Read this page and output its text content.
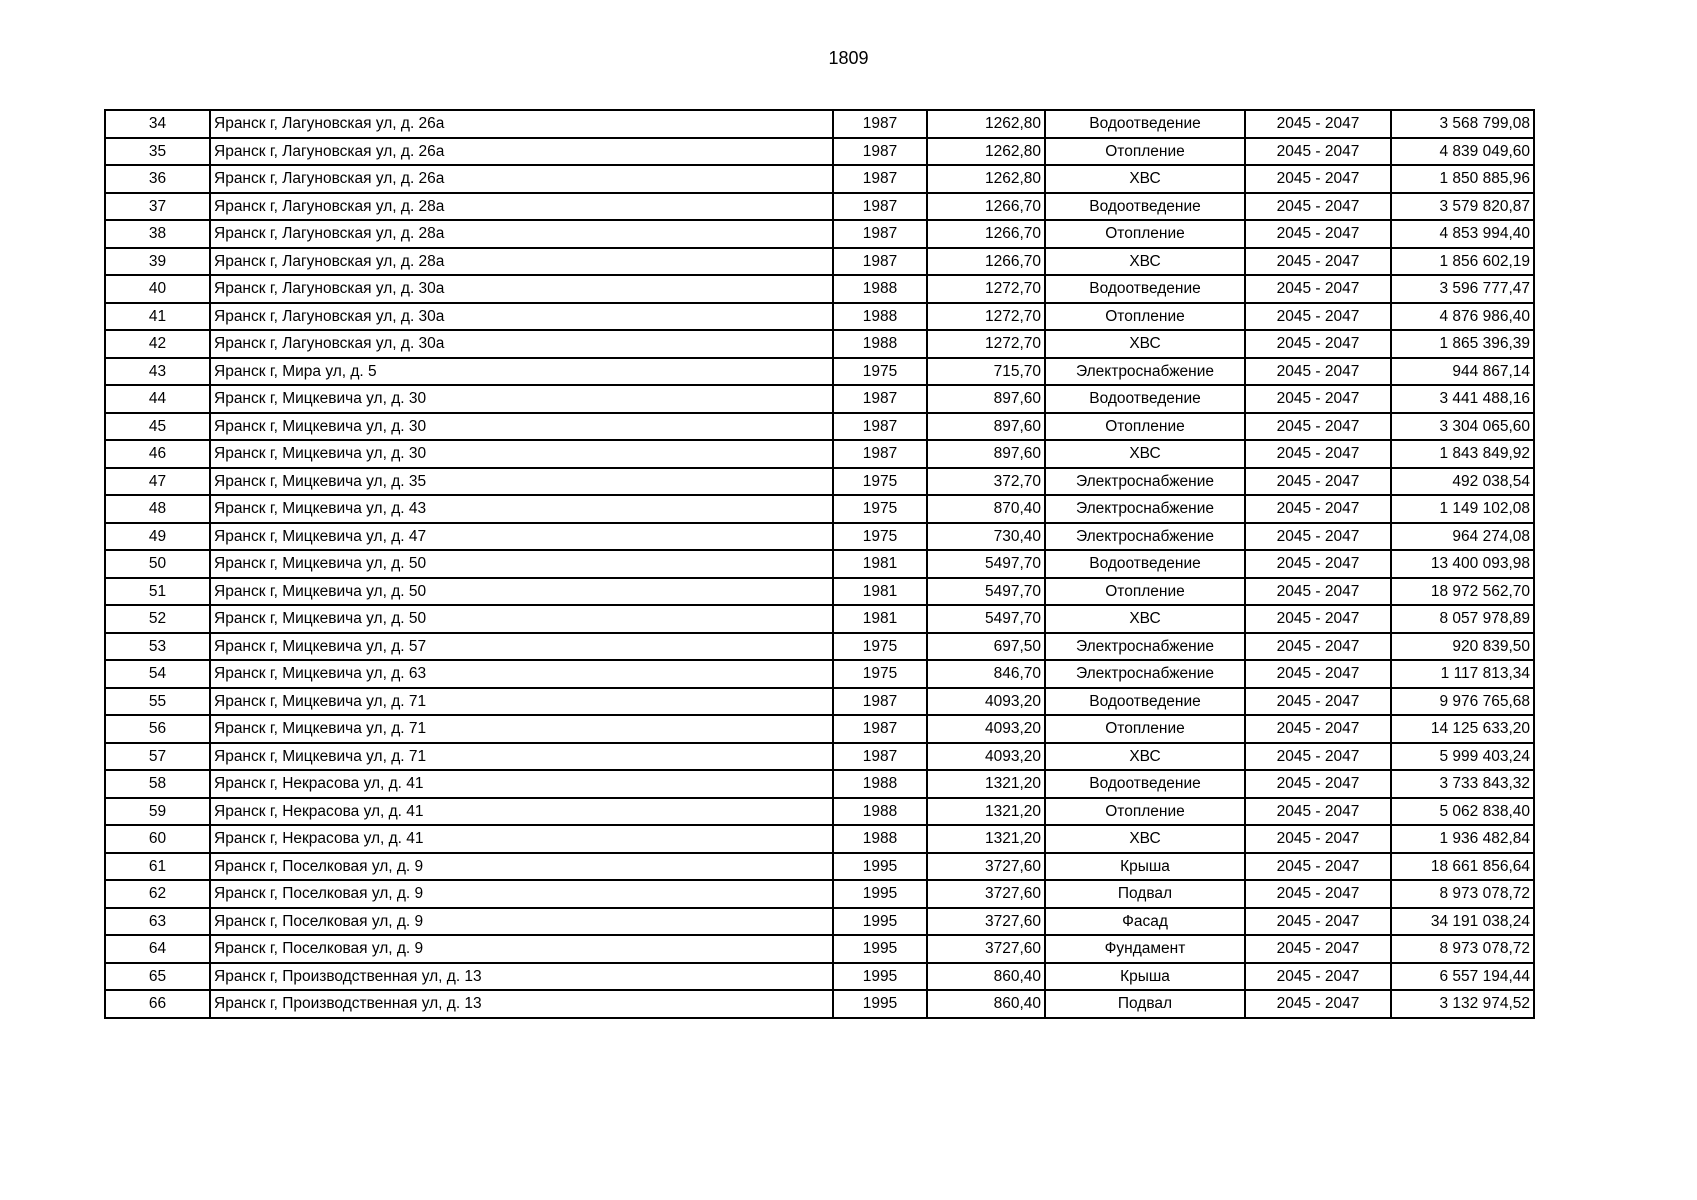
1809
34	Яранск г, Лагуновская ул, д. 26а	1987	1262,80	Водоотведение	2045 - 2047	3 568 799,08
35	Яранск г, Лагуновская ул, д. 26а	1987	1262,80	Отопление	2045 - 2047	4 839 049,60
36	Яранск г, Лагуновская ул, д. 26а	1987	1262,80	ХВС	2045 - 2047	1 850 885,96
37	Яранск г, Лагуновская ул, д. 28а	1987	1266,70	Водоотведение	2045 - 2047	3 579 820,87
38	Яранск г, Лагуновская ул, д. 28а	1987	1266,70	Отопление	2045 - 2047	4 853 994,40
39	Яранск г, Лагуновская ул, д. 28а	1987	1266,70	ХВС	2045 - 2047	1 856 602,19
40	Яранск г, Лагуновская ул, д. 30а	1988	1272,70	Водоотведение	2045 - 2047	3 596 777,47
41	Яранск г, Лагуновская ул, д. 30а	1988	1272,70	Отопление	2045 - 2047	4 876 986,40
42	Яранск г, Лагуновская ул, д. 30а	1988	1272,70	ХВС	2045 - 2047	1 865 396,39
43	Яранск г, Мира ул, д. 5	1975	715,70	Электроснабжение	2045 - 2047	944 867,14
44	Яранск г, Мицкевича ул, д. 30	1987	897,60	Водоотведение	2045 - 2047	3 441 488,16
45	Яранск г, Мицкевича ул, д. 30	1987	897,60	Отопление	2045 - 2047	3 304 065,60
46	Яранск г, Мицкевича ул, д. 30	1987	897,60	ХВС	2045 - 2047	1 843 849,92
47	Яранск г, Мицкевича ул, д. 35	1975	372,70	Электроснабжение	2045 - 2047	492 038,54
48	Яранск г, Мицкевича ул, д. 43	1975	870,40	Электроснабжение	2045 - 2047	1 149 102,08
49	Яранск г, Мицкевича ул, д. 47	1975	730,40	Электроснабжение	2045 - 2047	964 274,08
50	Яранск г, Мицкевича ул, д. 50	1981	5497,70	Водоотведение	2045 - 2047	13 400 093,98
51	Яранск г, Мицкевича ул, д. 50	1981	5497,70	Отопление	2045 - 2047	18 972 562,70
52	Яранск г, Мицкевича ул, д. 50	1981	5497,70	ХВС	2045 - 2047	8 057 978,89
53	Яранск г, Мицкевича ул, д. 57	1975	697,50	Электроснабжение	2045 - 2047	920 839,50
54	Яранск г, Мицкевича ул, д. 63	1975	846,70	Электроснабжение	2045 - 2047	1 117 813,34
55	Яранск г, Мицкевича ул, д. 71	1987	4093,20	Водоотведение	2045 - 2047	9 976 765,68
56	Яранск г, Мицкевича ул, д. 71	1987	4093,20	Отопление	2045 - 2047	14 125 633,20
57	Яранск г, Мицкевича ул, д. 71	1987	4093,20	ХВС	2045 - 2047	5 999 403,24
58	Яранск г, Некрасова ул, д. 41	1988	1321,20	Водоотведение	2045 - 2047	3 733 843,32
59	Яранск г, Некрасова ул, д. 41	1988	1321,20	Отопление	2045 - 2047	5 062 838,40
60	Яранск г, Некрасова ул, д. 41	1988	1321,20	ХВС	2045 - 2047	1 936 482,84
61	Яранск г, Поселковая ул, д. 9	1995	3727,60	Крыша	2045 - 2047	18 661 856,64
62	Яранск г, Поселковая ул, д. 9	1995	3727,60	Подвал	2045 - 2047	8 973 078,72
63	Яранск г, Поселковая ул, д. 9	1995	3727,60	Фасад	2045 - 2047	34 191 038,24
64	Яранск г, Поселковая ул, д. 9	1995	3727,60	Фундамент	2045 - 2047	8 973 078,72
65	Яранск г, Производственная ул, д. 13	1995	860,40	Крыша	2045 - 2047	6 557 194,44
66	Яранск г, Производственная ул, д. 13	1995	860,40	Подвал	2045 - 2047	3 132 974,52
